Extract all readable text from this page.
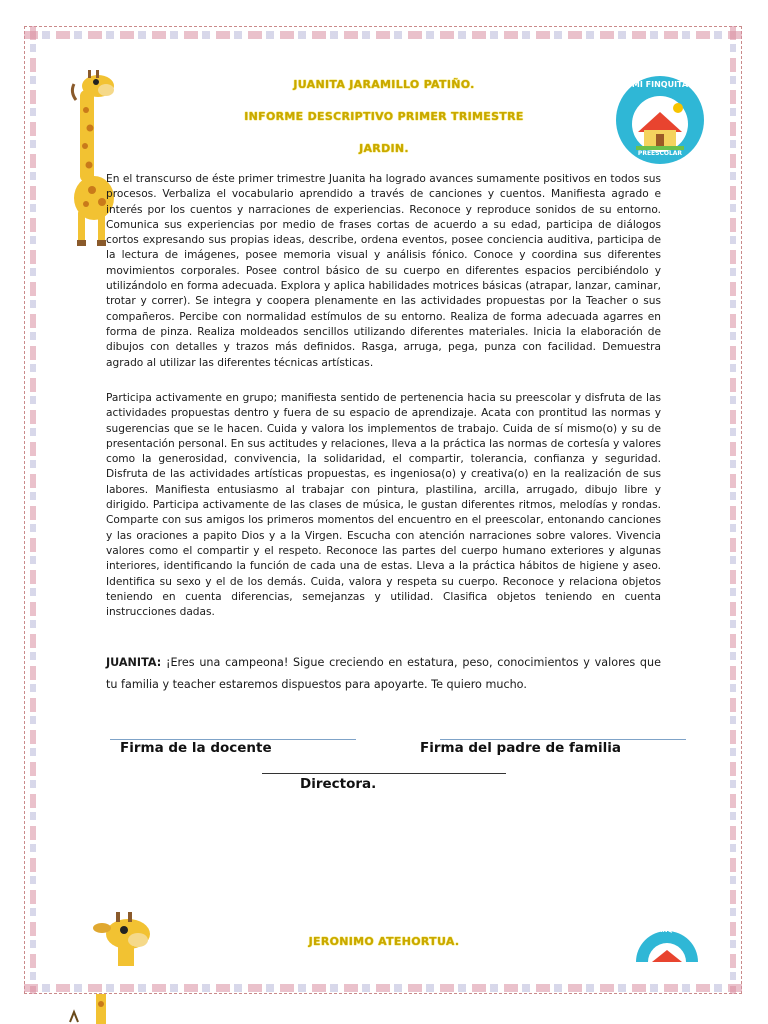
MI FINQUITA
PREESCOLAR
JUANITA JARAMILLO PATIÑO.
INFORME DESCRIPTIVO PRIMER TRIMESTRE
JARDIN.
En el transcurso de éste primer trimestre Juanita ha logrado avances sumamente positivos en todos sus procesos. Verbaliza el vocabulario aprendido a través de canciones y cuentos. Manifiesta agrado e interés por los cuentos y narraciones de experiencias. Reconoce y reproduce sonidos de su entorno. Comunica sus experiencias por medio de frases cortas de acuerdo a su edad, participa de diálogos cortos expresando sus propias ideas, describe, ordena eventos, posee conciencia auditiva, participa de la lectura de imágenes, posee memoria visual y análisis fónico. Conoce y coordina sus diferentes movimientos corporales. Posee control básico de su cuerpo en diferentes espacios percibiéndolo y utilizándolo en forma adecuada. Explora y aplica habilidades motrices básicas (atrapar, lanzar, caminar, trotar y correr). Se integra y coopera plenamente en las actividades propuestas por la Teacher o sus compañeros. Percibe con normalidad estímulos de su entorno. Realiza de forma adecuada agarres en forma de pinza. Realiza moldeados sencillos utilizando diferentes materiales. Inicia la elaboración de dibujos con detalles y trazos más definidos. Rasga, arruga, pega, punza con facilidad. Demuestra agrado al utilizar las diferentes técnicas artísticas.
Participa activamente en grupo; manifiesta sentido de pertenencia hacia su preescolar y disfruta de las actividades propuestas dentro y fuera de su espacio de aprendizaje. Acata con prontitud las normas y sugerencias que se le hacen. Cuida y valora los implementos de trabajo. Cuida de sí mismo(o) y su de presentación personal. En sus actitudes y relaciones, lleva a la práctica las normas de cortesía y valores como la generosidad, convivencia, la solidaridad, el compartir, tolerancia, confianza y seguridad. Disfruta de las actividades artísticas propuestas, es ingeniosa(o) y creativa(o) en la realización de sus labores. Manifiesta entusiasmo al trabajar con pintura, plastilina, arcilla, arrugado, dibujo libre y dirigido. Participa activamente de las clases de música, le gustan diferentes ritmos, melodías y rondas. Comparte con sus amigos los primeros momentos del encuentro en el preescolar, entonando canciones y las oraciones a papito Dios y a la Virgen. Escucha con atención narraciones sobre valores. Vivencia valores como el compartir y el respeto. Reconoce las partes del cuerpo humano exteriores y algunas interiores, identificando la función de cada una de estas. Lleva a la práctica hábitos de higiene y aseo. Identifica su sexo y el de los demás. Cuida, valora y respeta su cuerpo. Reconoce y relaciona objetos teniendo en cuenta diferencias, semejanzas y utilidad. Clasifica objetos teniendo en cuenta instrucciones dadas.
JUANITA: ¡Eres una campeona! Sigue creciendo en estatura, peso, conocimientos y valores que tu familia y teacher estaremos dispuestos para apoyarte. Te quiero mucho.
Firma de la docente	Firma del padre de familia
Directora.
JERONIMO ATEHORTUA.
MI FINQUITA
